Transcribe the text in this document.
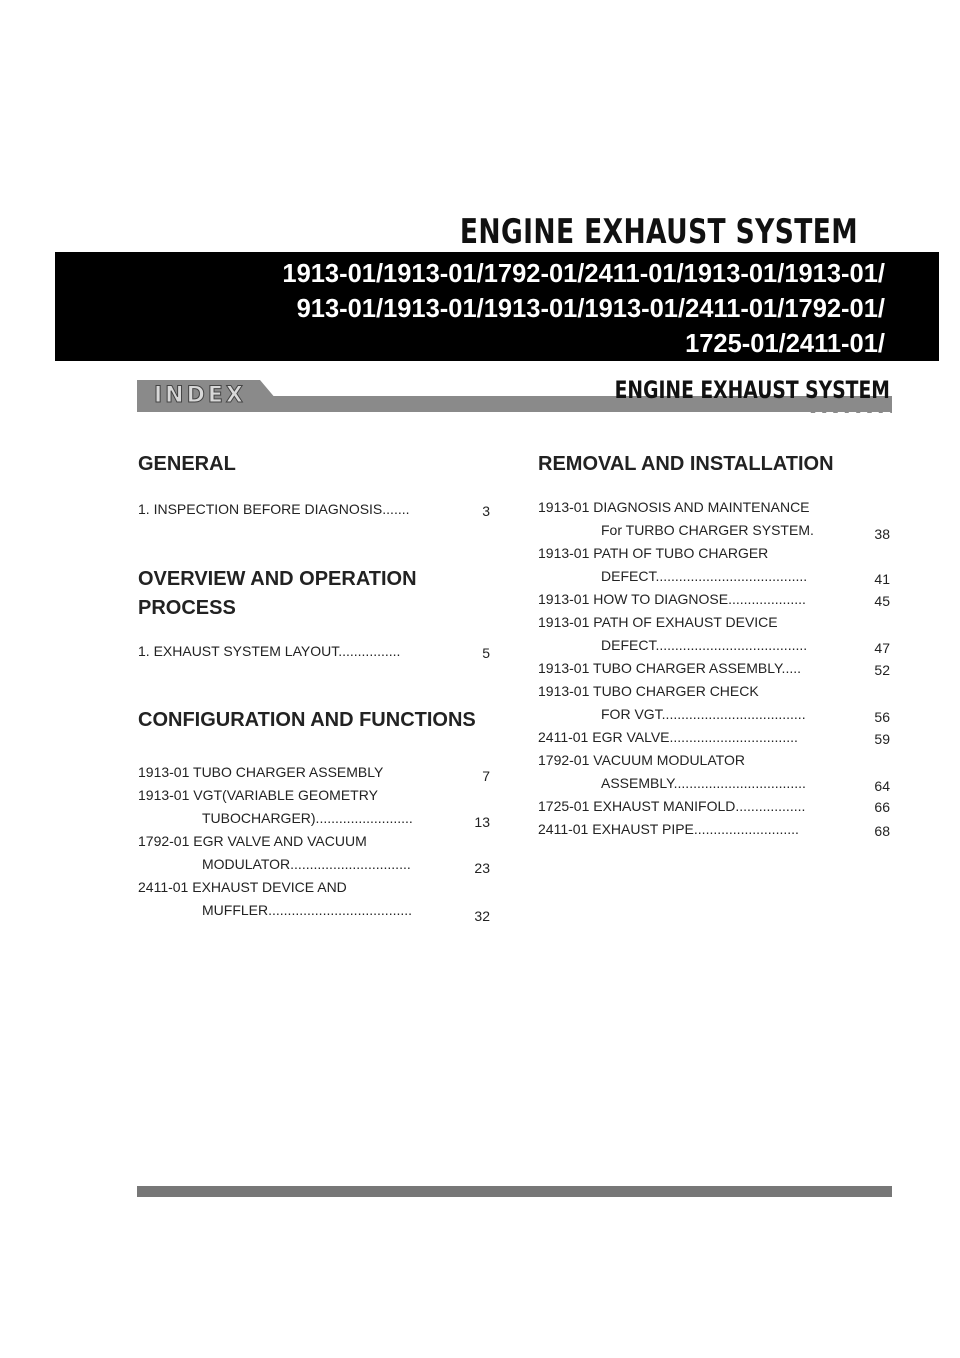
ENGINE EXHAUST SYSTEM
1913-01/1913-01/1792-01/2411-01/1913-01/1913-01/
913-01/1913-01/1913-01/1913-01/2411-01/1792-01/
1725-01/2411-01/
INDEX	ENGINE EXHAUST SYSTEM
GENERAL
1. INSPECTION BEFORE DIAGNOSIS.......	3
OVERVIEW AND OPERATION
PROCESS
1. EXHAUST SYSTEM LAYOUT................	5
CONFIGURATION AND FUNCTIONS
1913-01 TUBO CHARGER ASSEMBLY	7
1913-01 VGT(VARIABLE GEOMETRY
TUBOCHARGER).........................	13
1792-01 EGR VALVE AND VACUUM
MODULATOR...............................	23
2411-01 EXHAUST DEVICE AND
MUFFLER.....................................	32
REMOVAL AND INSTALLATION
1913-01 DIAGNOSIS AND MAINTENANCE
For TURBO CHARGER SYSTEM.	38
1913-01 PATH OF TUBO CHARGER
DEFECT.......................................	41
1913-01 HOW TO DIAGNOSE....................	45
1913-01 PATH OF EXHAUST DEVICE
DEFECT.......................................	47
1913-01 TUBO CHARGER ASSEMBLY.....	52
1913-01 TUBO CHARGER CHECK
FOR VGT.....................................	56
2411-01 EGR VALVE.................................	59
1792-01 VACUUM MODULATOR
ASSEMBLY..................................	64
1725-01 EXHAUST MANIFOLD..................	66
2411-01 EXHAUST PIPE...........................	68
